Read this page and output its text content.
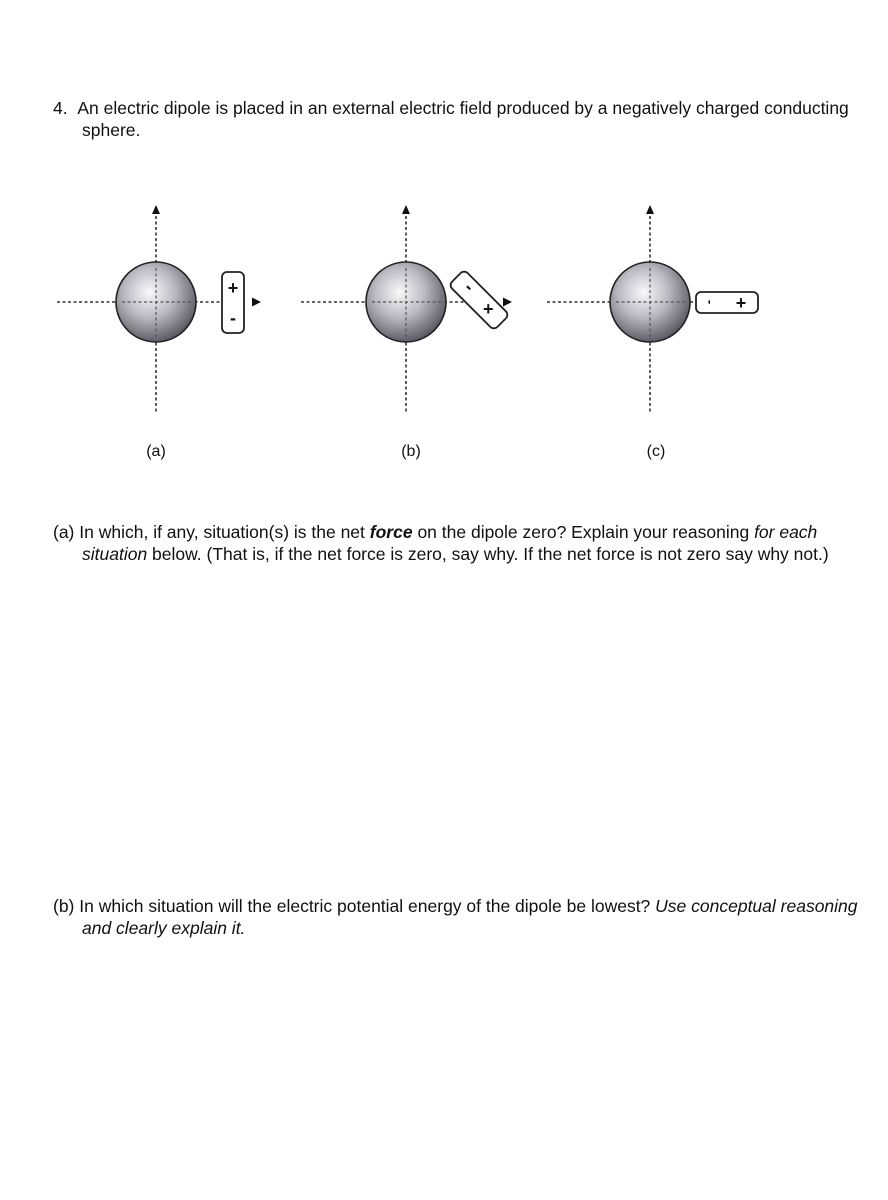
4. An electric dipole is placed in an external electric field produced by a negatively charged conducting sphere.
+
-
(a)
+
-
(b)
- +
(c)
(a) In which, if any, situation(s) is the net force on the dipole zero? Explain your reasoning for each situation below. (That is, if the net force is zero, say why. If the net force is not zero say why not.)
(b) In which situation will the electric potential energy of the dipole be lowest? Use conceptual reasoning and clearly explain it.
